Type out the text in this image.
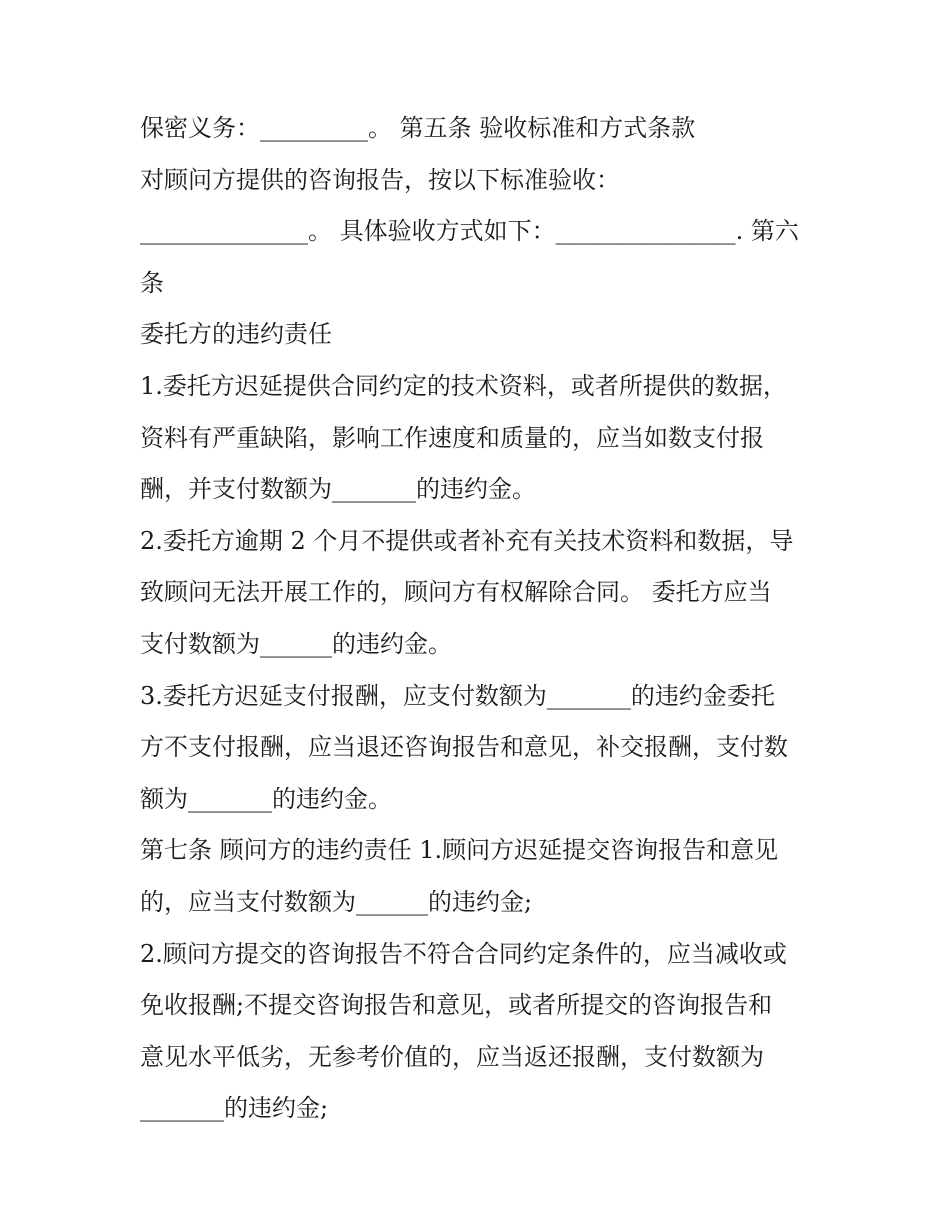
保密义务：_________。 第五条 验收标准和方式条款
对顾问方提供的咨询报告，按以下标准验收：
______________。 具体验收方式如下：_______________. 第六
条
委托方的违约责任
1.委托方迟延提供合同约定的技术资料，或者所提供的数据，
资料有严重缺陷，影响工作速度和质量的，应当如数支付报
酬，并支付数额为_______的违约金。
2.委托方逾期 2 个月不提供或者补充有关技术资料和数据，导
致顾问无法开展工作的，顾问方有权解除合同。 委托方应当
支付数额为______的违约金。
3.委托方迟延支付报酬，应支付数额为_______的违约金委托
方不支付报酬，应当退还咨询报告和意见，补交报酬，支付数
额为_______的违约金。
第七条 顾问方的违约责任 1.顾问方迟延提交咨询报告和意见
的，应当支付数额为______的违约金;
2.顾问方提交的咨询报告不符合合同约定条件的，应当减收或
免收报酬;不提交咨询报告和意见，或者所提交的咨询报告和
意见水平低劣，无参考价值的，应当返还报酬，支付数额为
_______的违约金;
